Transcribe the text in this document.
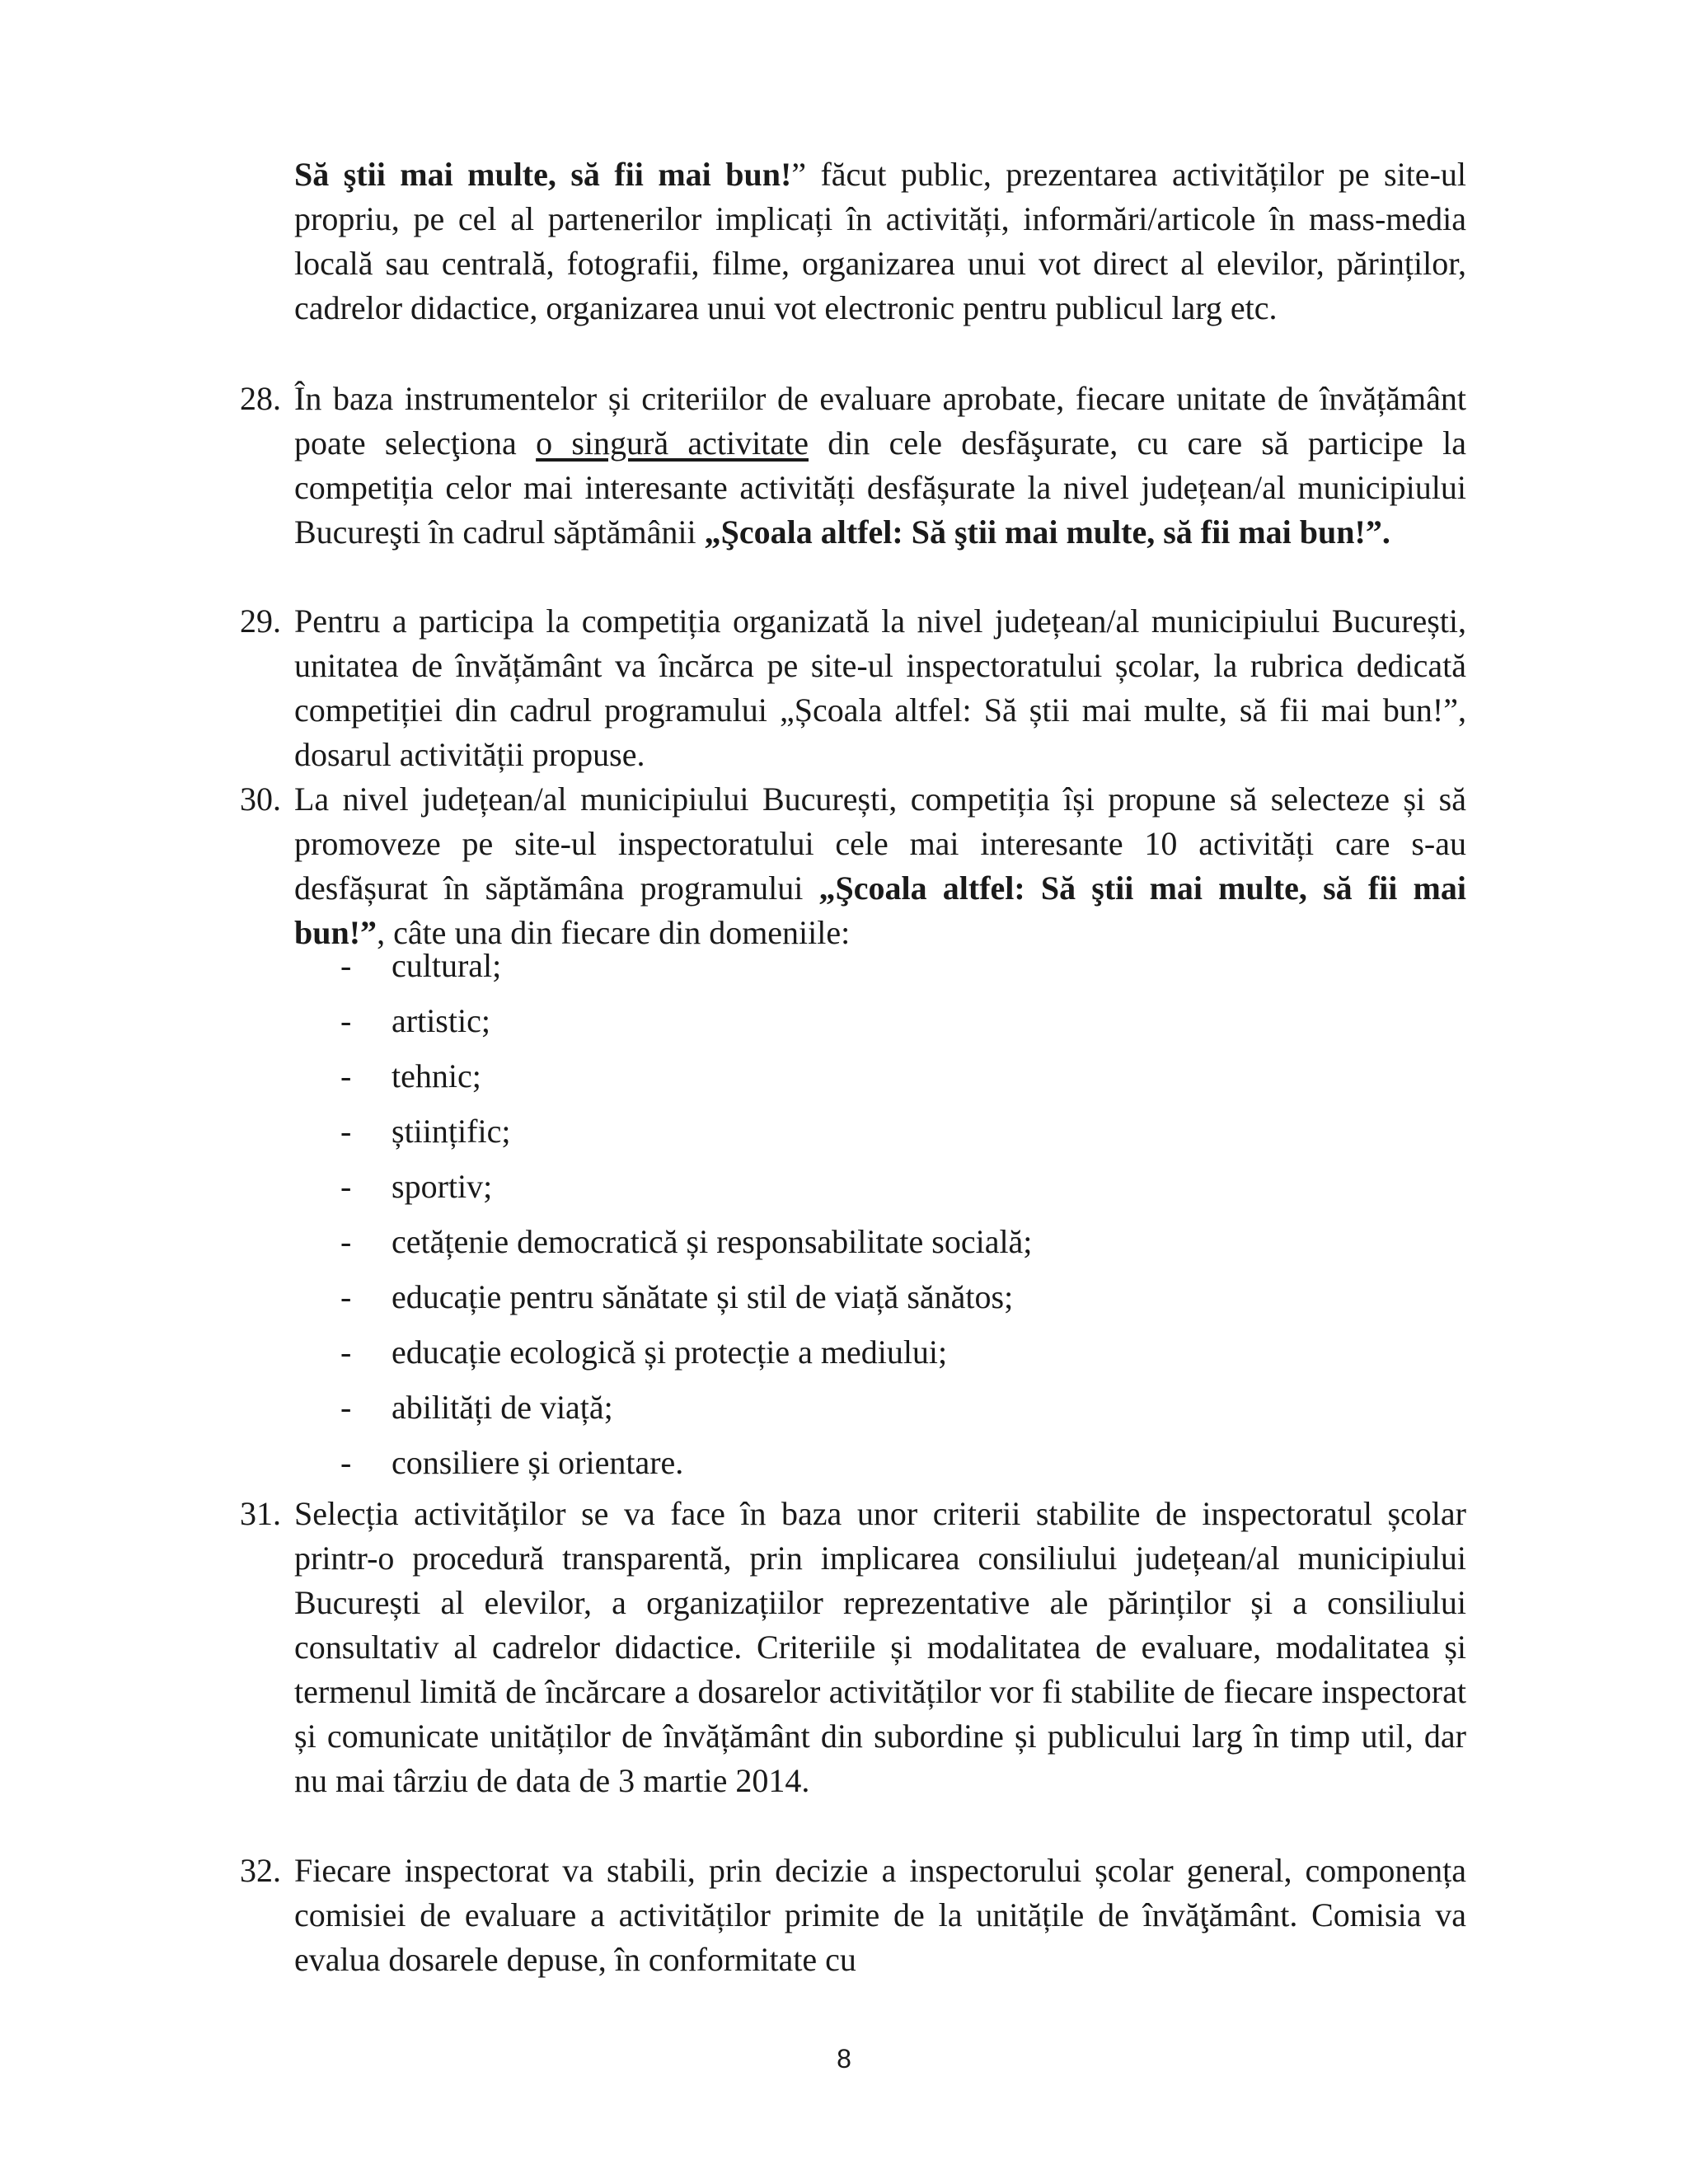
Să ştii mai multe, să fii mai bun!” făcut public, prezentarea activităților pe site-ul propriu, pe cel al partenerilor implicați în activități, informări/articole în mass-media locală sau centrală, fotografii, filme, organizarea unui vot direct al elevilor, părinților, cadrelor didactice, organizarea unui vot electronic pentru publicul larg etc.
28. În baza instrumentelor și criteriilor de evaluare aprobate, fiecare unitate de învățământ poate selecţiona o singură activitate din cele desfăşurate, cu care să participe la competiția celor mai interesante activități desfășurate la nivel județean/al municipiului Bucureşti în cadrul săptămânii „Şcoala altfel: Să ştii mai multe, să fii mai bun!”.
29. Pentru a participa la competiția organizată la nivel județean/al municipiului București, unitatea de învățământ va încărca pe site-ul inspectoratului școlar, la rubrica dedicată competiției din cadrul programului „Școala altfel: Să știi mai multe, să fii mai bun!”, dosarul activității propuse.
30. La nivel județean/al municipiului București, competiția își propune să selecteze și să promoveze pe site-ul inspectoratului cele mai interesante 10 activități care s-au desfășurat în săptămâna programului „Şcoala altfel: Să ştii mai multe, să fii mai bun!”, câte una din fiecare din domeniile:
- cultural;
- artistic;
- tehnic;
- științific;
- sportiv;
- cetățenie democratică și responsabilitate socială;
- educație pentru sănătate și stil de viață sănătos;
- educație ecologică și protecție a mediului;
- abilități de viață;
- consiliere și orientare.
31. Selecția activităților se va face în baza unor criterii stabilite de inspectoratul școlar printr-o procedură transparentă, prin implicarea consiliului județean/al municipiului București al elevilor, a organizațiilor reprezentative ale părinților și a consiliului consultativ al cadrelor didactice. Criteriile și modalitatea de evaluare, modalitatea și termenul limită de încărcare a dosarelor activităților vor fi stabilite de fiecare inspectorat și comunicate unităților de învățământ din subordine și publicului larg în timp util, dar nu mai târziu de data de 3 martie 2014.
32. Fiecare inspectorat va stabili, prin decizie a inspectorului școlar general, componența comisiei de evaluare a activităților primite de la unitățile de învăţământ. Comisia va evalua dosarele depuse, în conformitate cu
8
